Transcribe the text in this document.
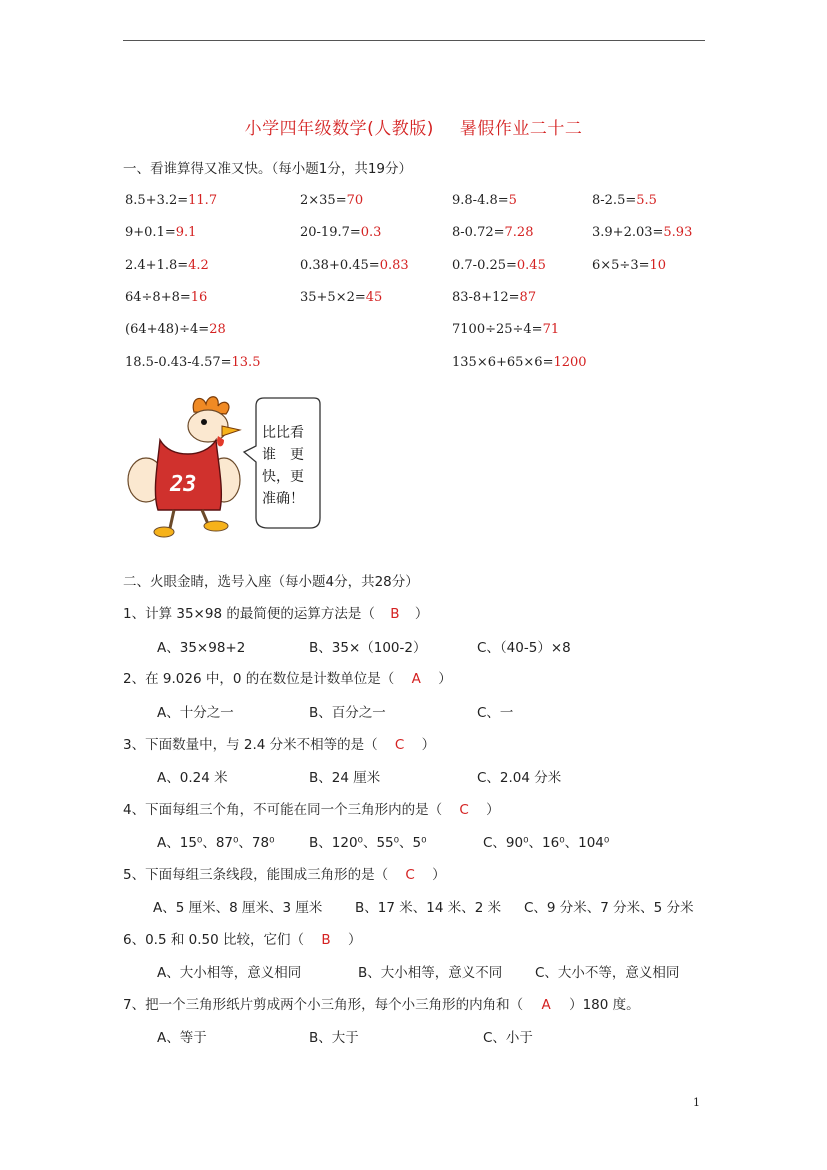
小学四年级数学(人教版) 暑假作业二十二
一、看谁算得又准又快。（每小题1分，共19分）
8.5+3.2=11.7	2×35=70	9.8-4.8=5	8-2.5=5.5
9+0.1=9.1	20-19.7=0.3	8-0.72=7.28	3.9+2.03=5.93
2.4+1.8=4.2	0.38+0.45=0.83	0.7-0.25=0.45	6×5÷3=10
64÷8+8=16	35+5×2=45	83-8+12=87
(64+48)÷4=28	7100÷25÷4=71
18.5-0.43-4.57=13.5	135×6+65×6=1200
23
比比看
谁　更
快，更
准确！
二、火眼金睛，选号入座（每小题4分，共28分）
1、计算 35×98 的最简便的运算方法是（ B ）
A、35×98+2	B、35×（100-2）	C、（40-5）×8
2、在 9.026 中，0 的在数位是计数单位是（ A ）
A、十分之一	B、百分之一	C、一
3、下面数量中，与 2.4 分米不相等的是（ C ）
A、0.24 米	B、24 厘米	C、2.04 分米
4、下面每组三个角，不可能在同一个三角形内的是（ C ）
A、15⁰、87⁰、78⁰	B、120⁰、55⁰、5⁰	C、90⁰、16⁰、104⁰
5、下面每组三条线段，能围成三角形的是（ C ）
A、5 厘米、8 厘米、3 厘米 B、17 米、14 米、2 米 C、9 分米、7 分米、5 分米
6、0.5 和 0.50 比较，它们（ B ）
A、大小相等，意义相同	B、大小相等，意义不同 C、大小不等，意义相同
7、把一个三角形纸片剪成两个小三角形，每个小三角形的内角和（ A ）180 度。
A、等于	B、大于	C、小于
1
